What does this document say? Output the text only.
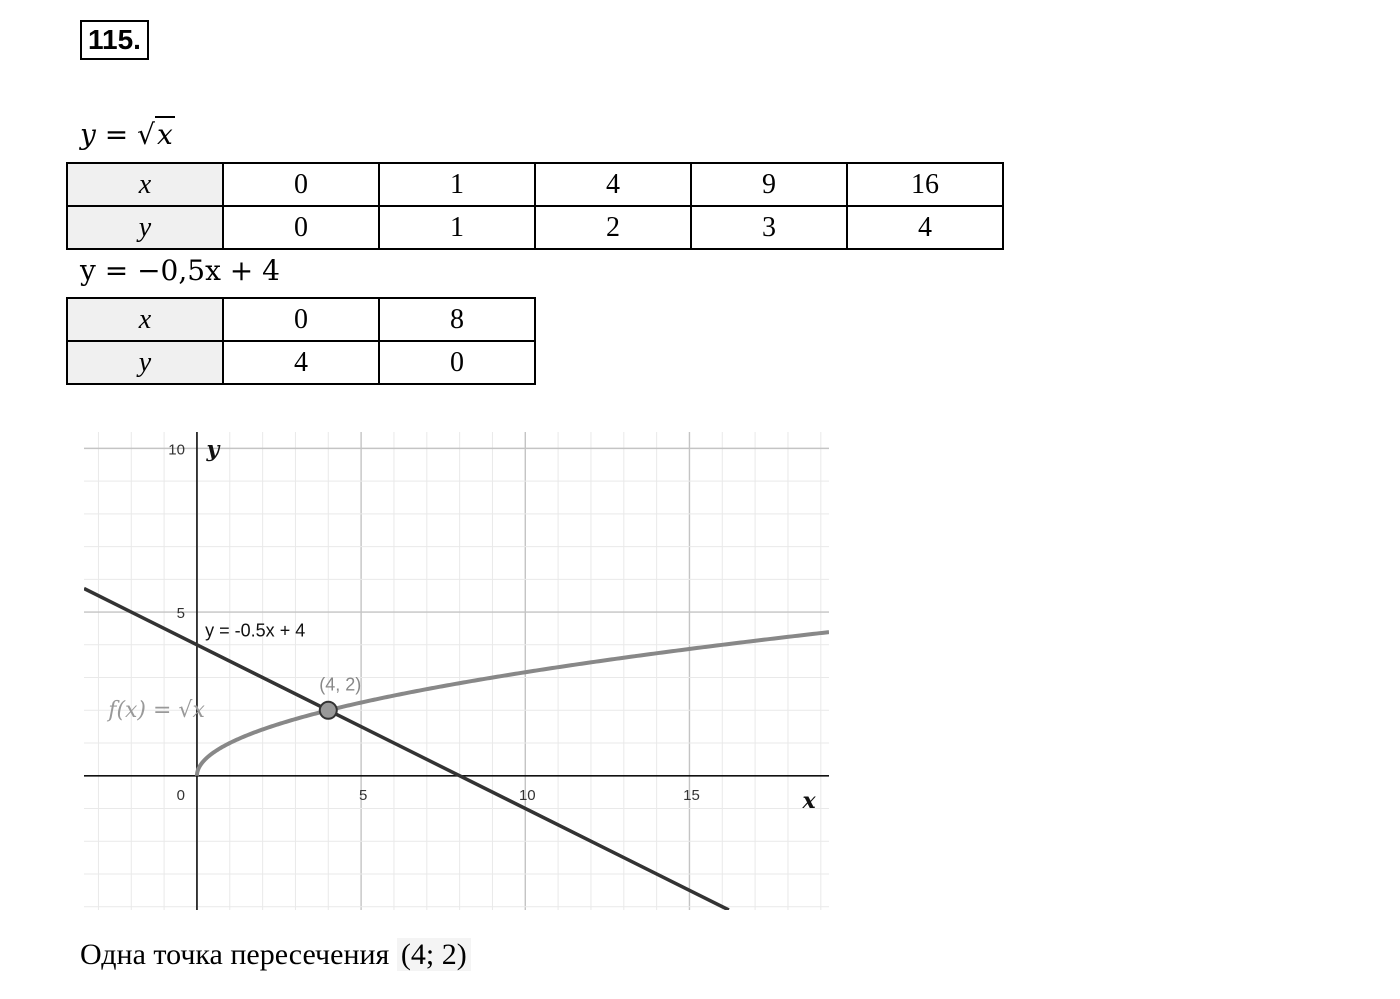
115.
y = √x
x	0	1	4	9	16
y	0	1	2	3	4
y = −0,5x + 4
x	0	8
y	4	0
0	5	10	15
5
10
x
y
y = -0.5x + 4
f(x) = √x
(4, 2)
Одна точка пересечения (4; 2)
